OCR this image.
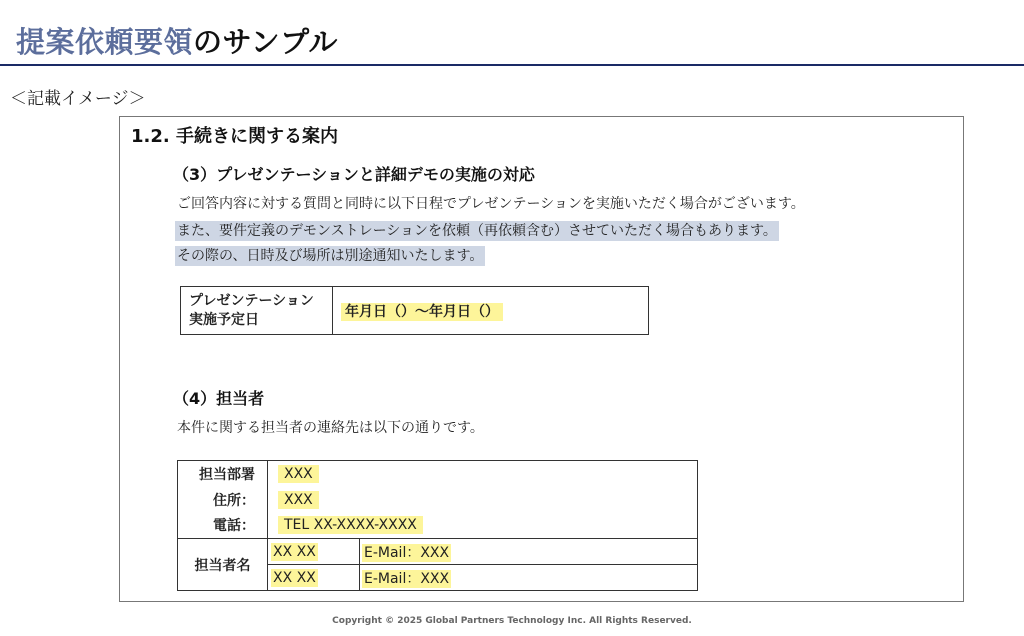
提案依頼要領のサンプル
＜記載イメージ＞
1.2. 手続きに関する案内
（3）プレゼンテーションと詳細デモの実施の対応
ご回答内容に対する質問と同時に以下日程でプレゼンテーションを実施いただく場合がございます。
また、要件定義のデモンストレーションを依頼（再依頼含む）させていただく場合もあります。
その際の、日時及び場所は別途通知いたします。
プレゼンテーション
実施予定日	年月日（）～年月日（）
（4）担当者
本件に関する担当者の連絡先は以下の通りです。
担当部署	XXX	
住所：	XXX	
電話：	TEL XX-XXXX-XXXX	
担当者名	XX XX	E-Mail：XXX
	XX XX	E-Mail：XXX
Copyright © 2025 Global Partners Technology Inc. All Rights Reserved.
